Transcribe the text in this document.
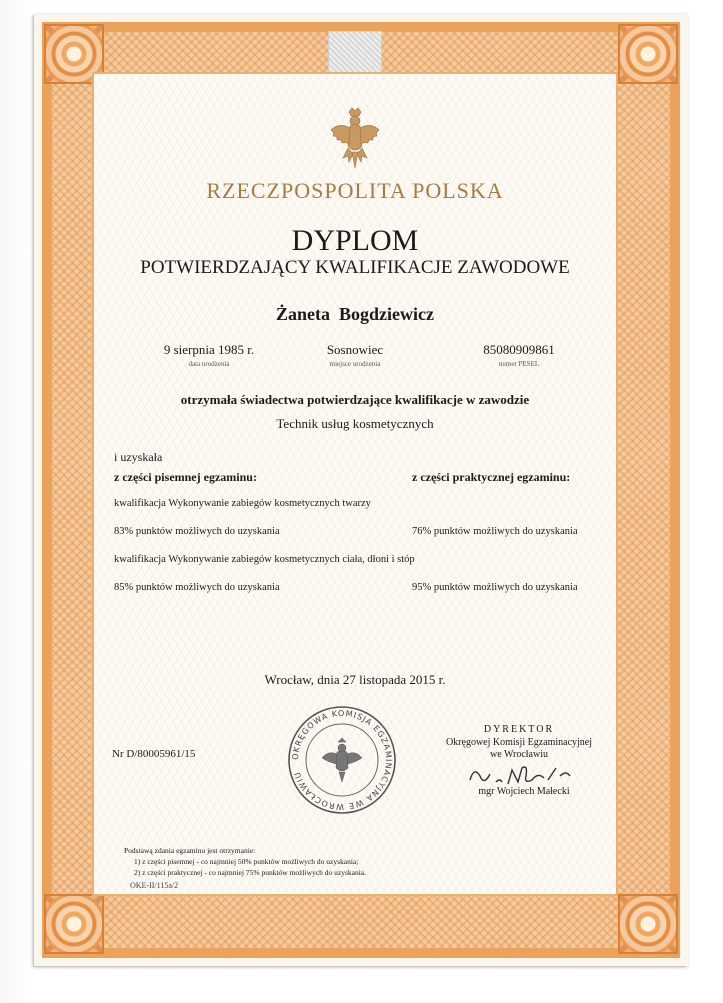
RZECZPOSPOLITA POLSKA
DYPLOM
POTWIERDZAJĄCY KWALIFIKACJE ZAWODOWE
Żaneta  Bogdziewicz
9 sierpnia 1985 r.
data urodzenia
Sosnowiec
miejsce urodzenia
85080909861
numer PESEL
otrzymała świadectwa potwierdzające kwalifikacje w zawodzie
Technik usług kosmetycznych
i uzyskała
z części pisemnej egzaminu:	z części praktycznej egzaminu:
kwalifikacja Wykonywanie zabiegów kosmetycznych twarzy
83% punktów możliwych do uzyskania	76% punktów możliwych do uzyskania
kwalifikacja Wykonywanie zabiegów kosmetycznych ciała, dłoni i stóp
85% punktów możliwych do uzyskania	95% punktów możliwych do uzyskania
Wrocław, dnia 27 listopada 2015 r.
Nr D/80005961/15	OKRĘGOWA KOMISJA EGZAMINACYJNA WE WROCŁAWIU
DYREKTOR
Okręgowej Komisji Egzaminacyjnej
we Wrocławiu
mgr Wojciech Małecki
Podstawą zdania egzaminu jest otrzymanie:
1) z części pisemnej - co najmniej 50% punktów możliwych do uzyskania;
2) z części praktycznej - co najmniej 75% punktów możliwych do uzyskania.
OKE-II/115a/2
